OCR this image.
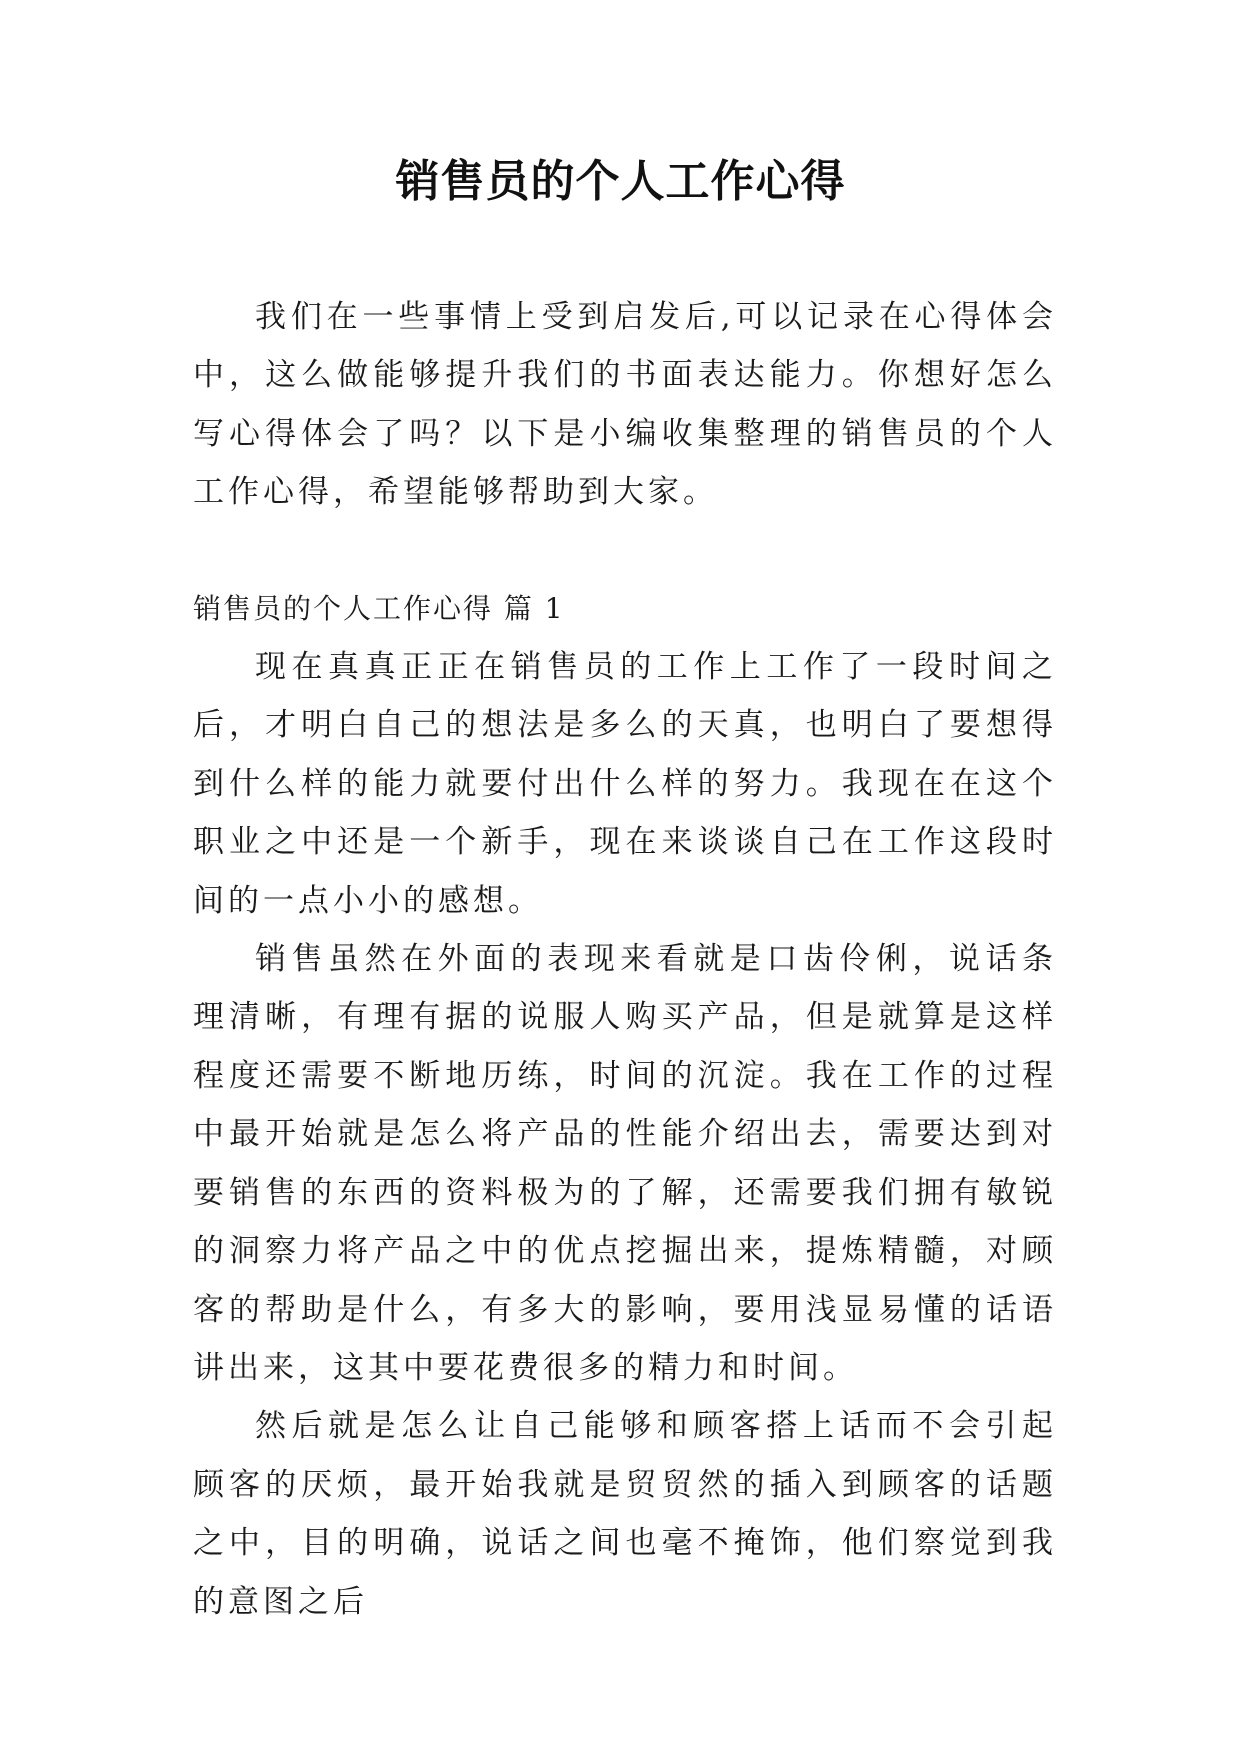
销售员的个人工作心得

我们在一些事情上受到启发后,可以记录在心得体会中，这么做能够提升我们的书面表达能力。你想好怎么写心得体会了吗？以下是小编收集整理的销售员的个人工作心得，希望能够帮助到大家。

销售员的个人工作心得 篇 1

现在真真正正在销售员的工作上工作了一段时间之后，才明白自己的想法是多么的天真，也明白了要想得到什么样的能力就要付出什么样的努力。我现在在这个职业之中还是一个新手，现在来谈谈自己在工作这段时间的一点小小的感想。

销售虽然在外面的表现来看就是口齿伶俐，说话条理清晰，有理有据的说服人购买产品，但是就算是这样程度还需要不断地历练，时间的沉淀。我在工作的过程中最开始就是怎么将产品的性能介绍出去，需要达到对要销售的东西的资料极为的了解，还需要我们拥有敏锐的洞察力将产品之中的优点挖掘出来，提炼精髓，对顾客的帮助是什么，有多大的影响，要用浅显易懂的话语讲出来，这其中要花费很多的精力和时间。

然后就是怎么让自己能够和顾客搭上话而不会引起顾客的厌烦，最开始我就是贸贸然的插入到顾客的话题之中，目的明确，说话之间也毫不掩饰，他们察觉到我的意图之后
